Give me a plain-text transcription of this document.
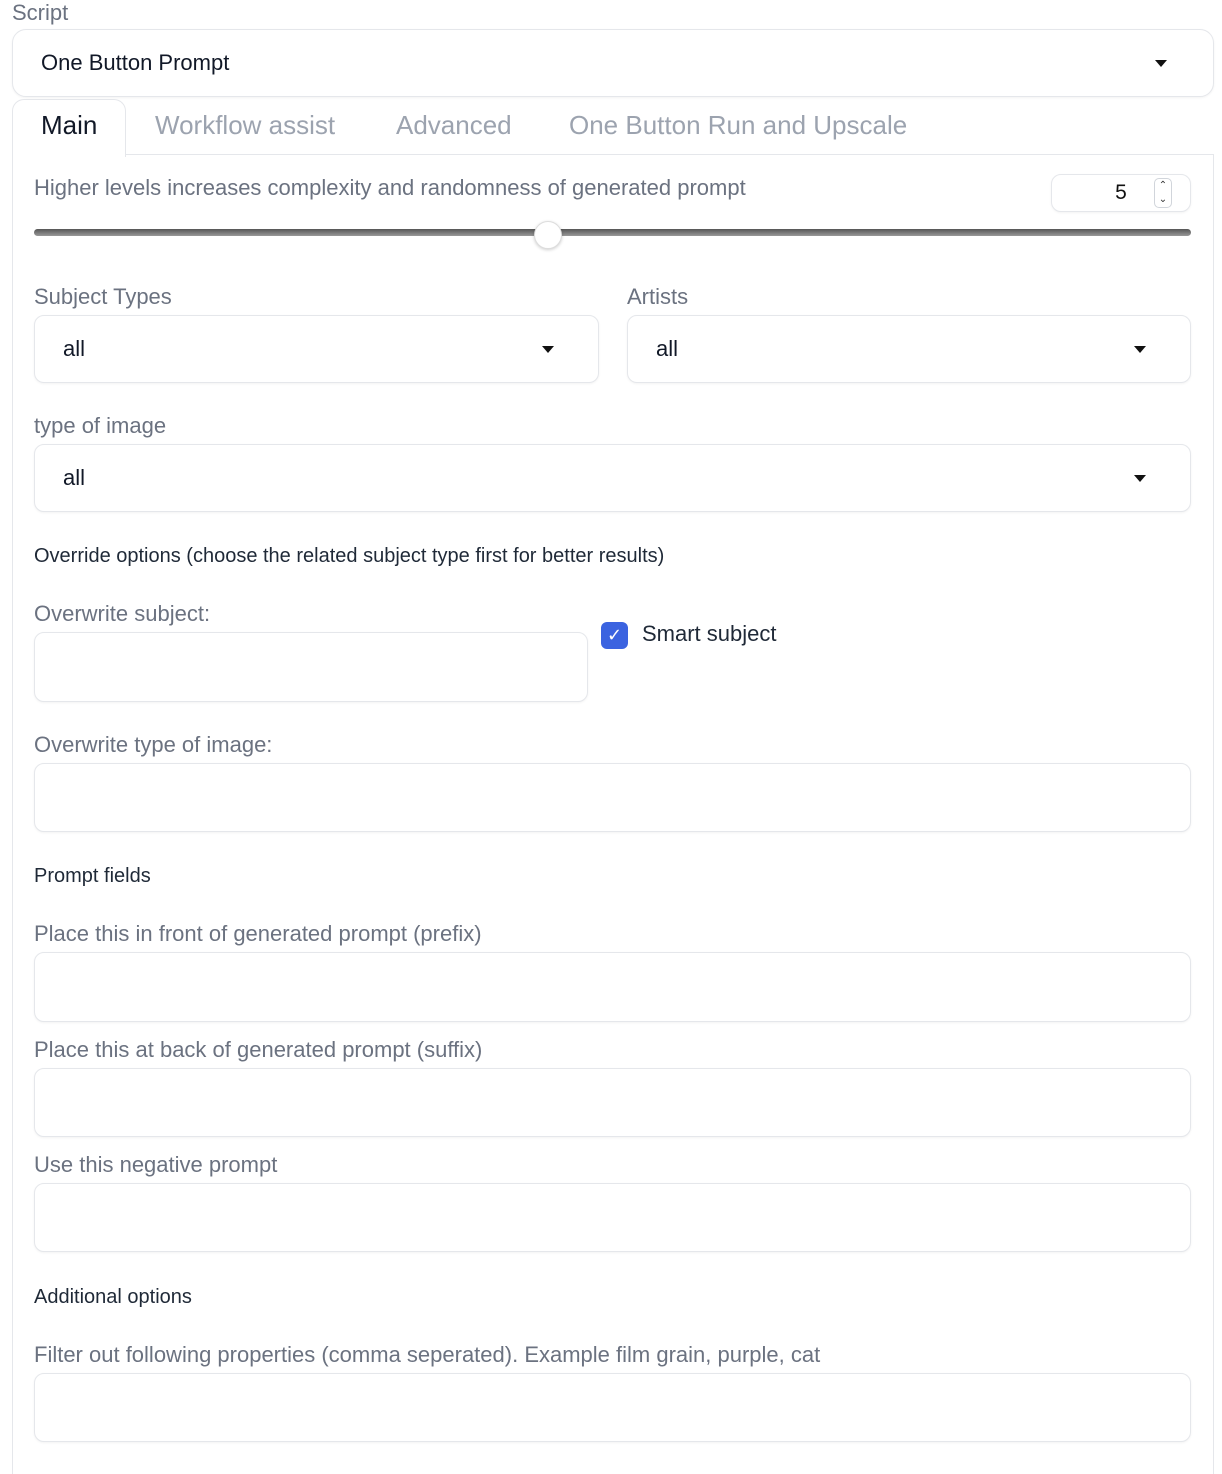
Script
One Button Prompt
Main Workflow assist Advanced One Button Run and Upscale
Higher levels increases complexity and randomness of generated prompt	5	⌃
⌄
Subject Types
all
Artists
all
type of image
all
Override options (choose the related subject type first for better results)
Overwrite subject:
✓ Smart subject
Overwrite type of image:
Prompt fields
Place this in front of generated prompt (prefix)
Place this at back of generated prompt (suffix)
Use this negative prompt
Additional options
Filter out following properties (comma seperated). Example film grain, purple, cat
